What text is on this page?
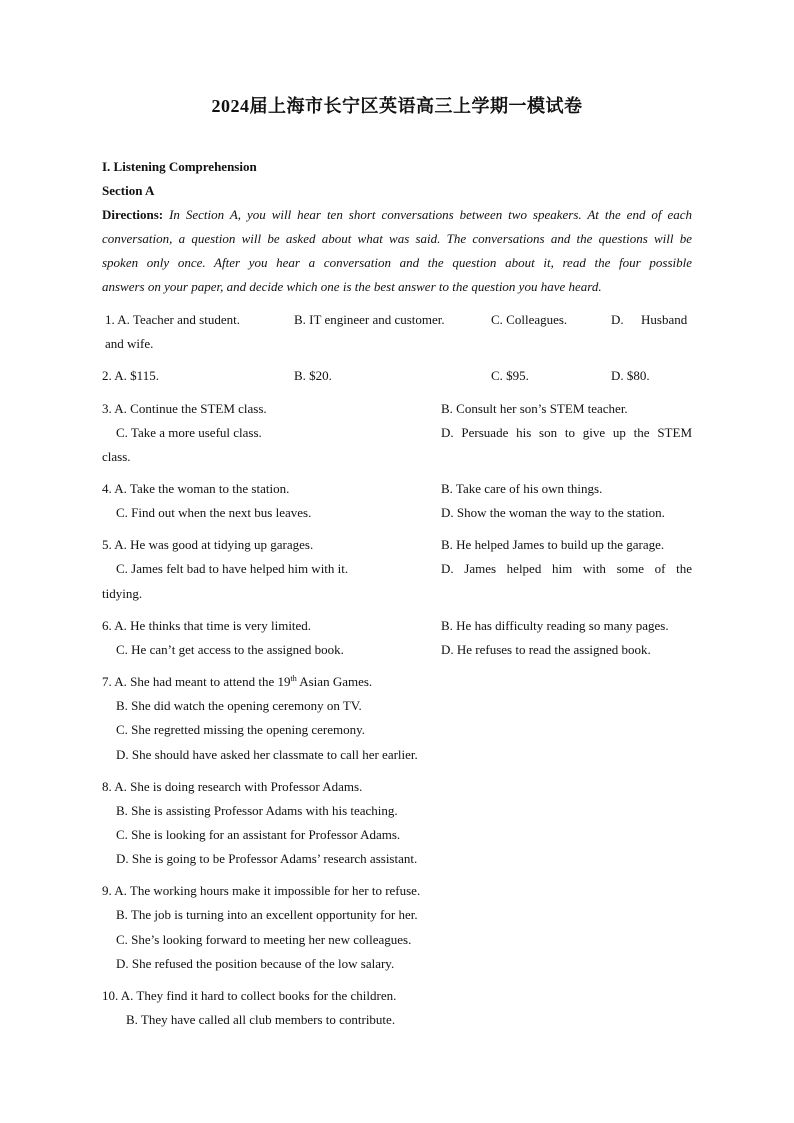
2024届上海市长宁区英语高三上学期一模试卷
I. Listening Comprehension
Section A
Directions: In Section A, you will hear ten short conversations between two speakers. At the end of each
conversation, a question will be asked about what was said. The conversations and the questions will be
spoken only once. After you hear a conversation and the question about it, read the four possible
answers on your paper, and decide which one is the best answer to the question you have heard.
1. A. Teacher and student.	B. IT engineer and customer.	C. Colleagues.	D. Husband
and wife.
2. A. $115.	B. $20.	C. $95.	D. $80.
3. A. Continue the STEM class.	B. Consult her son’s STEM teacher.
C. Take a more useful class.	D. Persuade his son to give up the STEM
class.
4. A. Take the woman to the station.	B. Take care of his own things.
C. Find out when the next bus leaves.	D. Show the woman the way to the station.
5. A. He was good at tidying up garages.	B. He helped James to build up the garage.
C. James felt bad to have helped him with it.	D. James helped him with some of the
tidying.
6. A. He thinks that time is very limited.	B. He has difficulty reading so many pages.
C. He can’t get access to the assigned book.	D. He refuses to read the assigned book.
7. A. She had meant to attend the 19th Asian Games.
B. She did watch the opening ceremony on TV.
C. She regretted missing the opening ceremony.
D. She should have asked her classmate to call her earlier.
8. A. She is doing research with Professor Adams.
B. She is assisting Professor Adams with his teaching.
C. She is looking for an assistant for Professor Adams.
D. She is going to be Professor Adams’ research assistant.
9. A. The working hours make it impossible for her to refuse.
B. The job is turning into an excellent opportunity for her.
C. She’s looking forward to meeting her new colleagues.
D. She refused the position because of the low salary.
10. A. They find it hard to collect books for the children.
B. They have called all club members to contribute.
